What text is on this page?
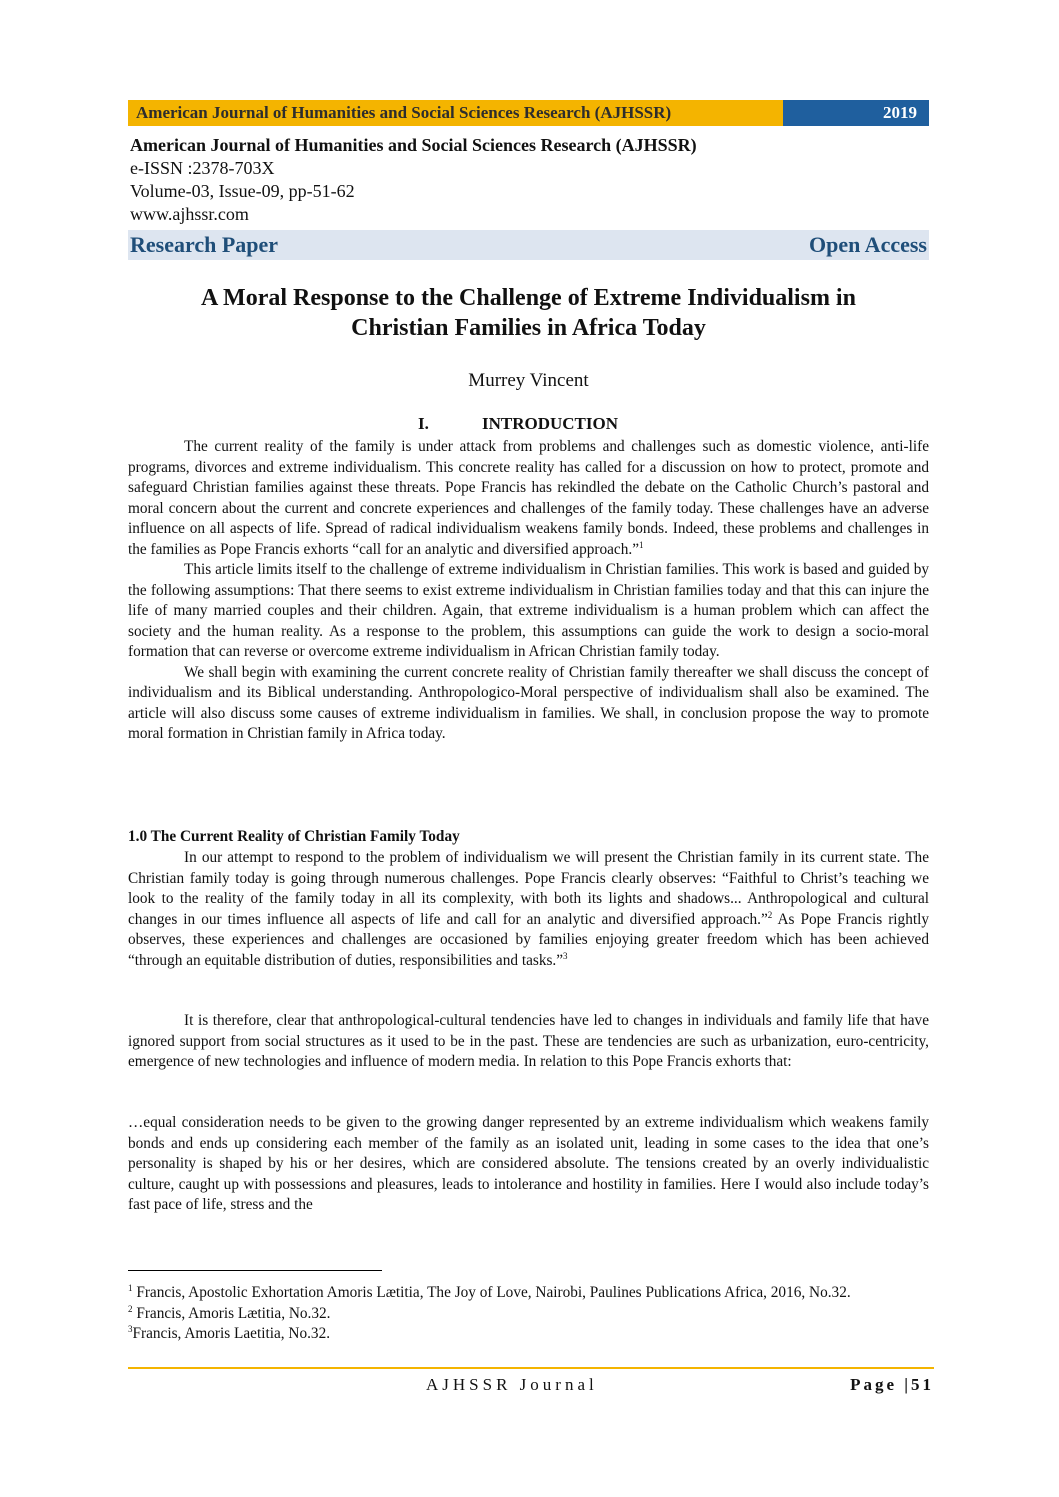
American Journal of Humanities and Social Sciences Research (AJHSSR)	2019
American Journal of Humanities and Social Sciences Research (AJHSSR)
e-ISSN :2378-703X
Volume-03, Issue-09, pp-51-62
www.ajhssr.com
Research Paper	Open Access
A Moral Response to the Challenge of Extreme Individualism in
Christian Families in Africa Today
Murrey Vincent
I.	INTRODUCTION

The current reality of the family is under attack from problems and challenges such as domestic violence, anti-life programs, divorces and extreme individualism. This concrete reality has called for a discussion on how to protect, promote and safeguard Christian families against these threats. Pope Francis has rekindled the debate on the Catholic Church’s pastoral and moral concern about the current and concrete experiences and challenges of the family today. These challenges have an adverse influence on all aspects of life. Spread of radical individualism weakens family bonds. Indeed, these problems and challenges in the families as Pope Francis exhorts “call for an analytic and diversified approach.”$^1$

This article limits itself to the challenge of extreme individualism in Christian families. This work is based and guided by the following assumptions: That there seems to exist extreme individualism in Christian families today and that this can injure the life of many married couples and their children. Again, that extreme individualism is a human problem which can affect the society and the human reality. As a response to the problem, this assumptions can guide the work to design a socio-moral formation that can reverse or overcome extreme individualism in African Christian family today.

We shall begin with examining the current concrete reality of Christian family thereafter we shall discuss the concept of individualism and its Biblical understanding. Anthropologico-Moral perspective of individualism shall also be examined. The article will also discuss some causes of extreme individualism in families. We shall, in conclusion propose the way to promote moral formation in Christian family in Africa today.

1.0 The Current Reality of Christian Family Today

In our attempt to respond to the problem of individualism we will present the Christian family in its current state. The Christian family today is going through numerous challenges. Pope Francis clearly observes: “Faithful to Christ’s teaching we look to the reality of the family today in all its complexity, with both its lights and shadows... Anthropological and cultural changes in our times influence all aspects of life and call for an analytic and diversified approach.”$^2$ As Pope Francis rightly observes, these experiences and challenges are occasioned by families enjoying greater freedom which has been achieved “through an equitable distribution of duties, responsibilities and tasks.”$^3$

It is therefore, clear that anthropological-cultural tendencies have led to changes in individuals and family life that have ignored support from social structures as it used to be in the past. These are tendencies are such as urbanization, euro-centricity, emergence of new technologies and influence of modern media. In relation to this Pope Francis exhorts that:

…equal consideration needs to be given to the growing danger represented by an extreme individualism which weakens family bonds and ends up considering each member of the family as an isolated unit, leading in some cases to the idea that one’s personality is shaped by his or her desires, which are considered absolute. The tensions created by an overly individualistic culture, caught up with possessions and pleasures, leads to intolerance and hostility in families. Here I would also include today’s fast pace of life, stress and the

$^1$ Francis, Apostolic Exhortation Amoris Lætitia, The Joy of Love, Nairobi, Paulines Publications Africa, 2016, No.32.
$^2$ Francis, Amoris Lætitia, No.32.
$^3$Francis, Amoris Laetitia, No.32.
AJHSSR Journal	Page |51
